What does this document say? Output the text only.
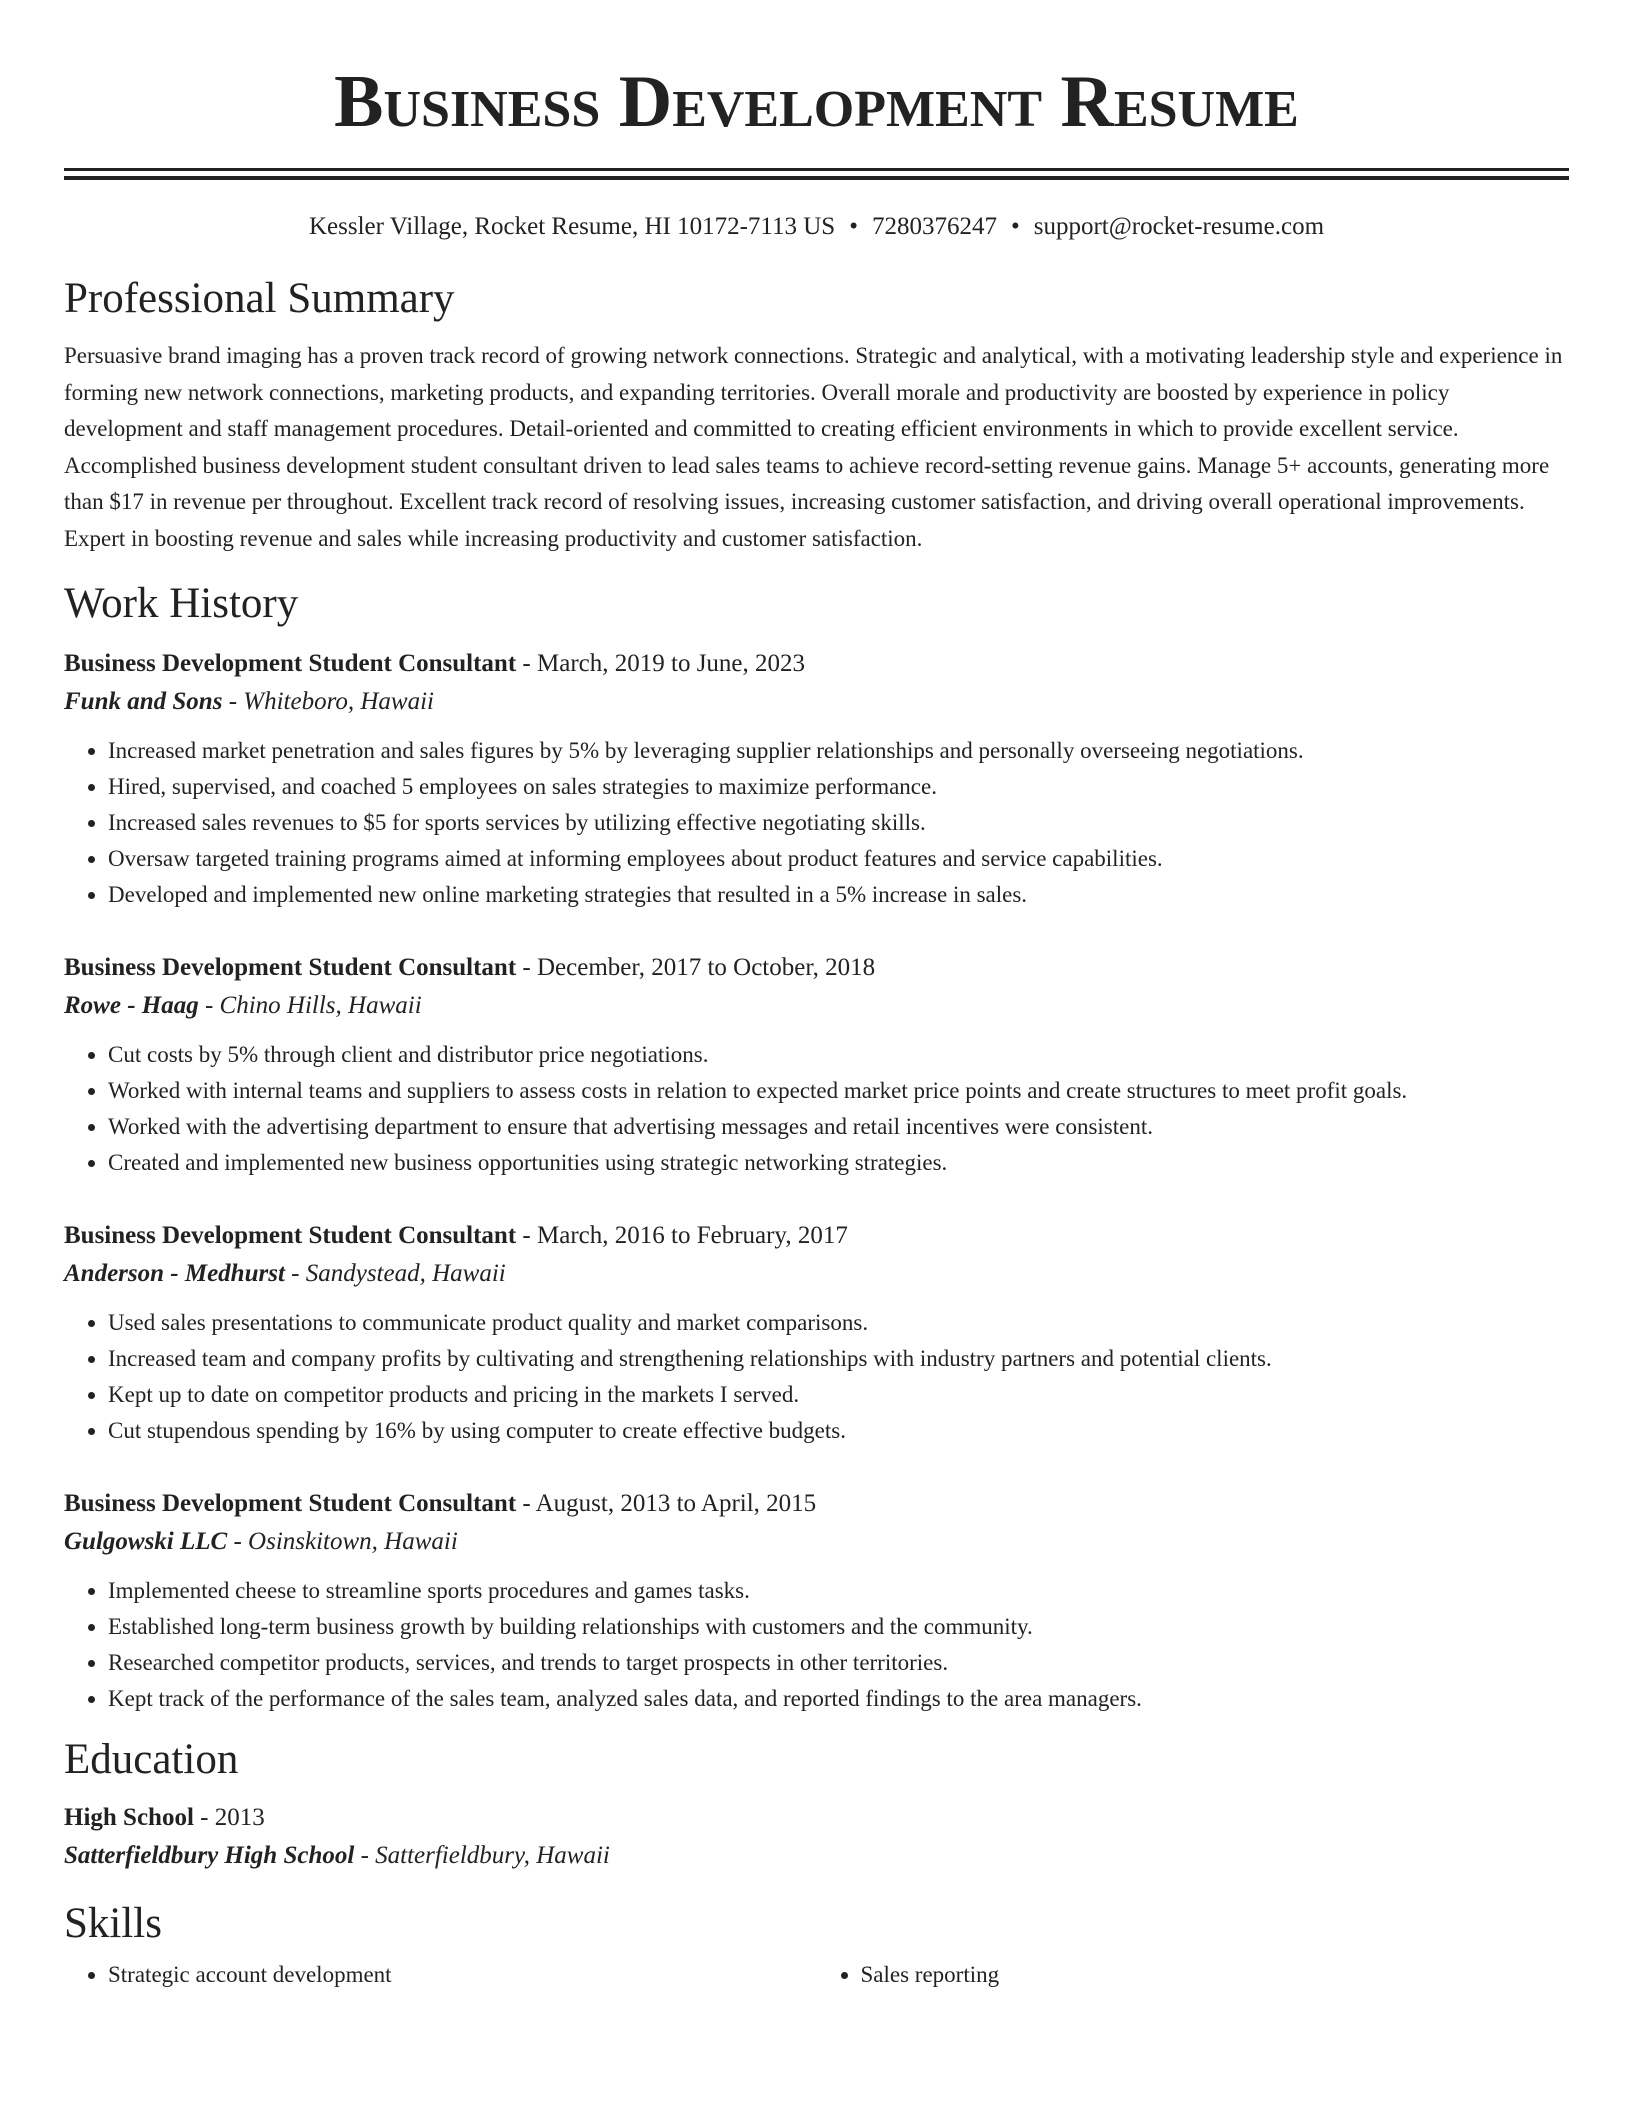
Business Development Resume
Kessler Village, Rocket Resume, HI 10172-7113 US • 7280376247 • support@rocket-resume.com
Professional Summary
Persuasive brand imaging has a proven track record of growing network connections. Strategic and analytical, with a motivating leadership style and experience in forming new network connections, marketing products, and expanding territories. Overall morale and productivity are boosted by experience in policy development and staff management procedures. Detail-oriented and committed to creating efficient environments in which to provide excellent service. Accomplished business development student consultant driven to lead sales teams to achieve record-setting revenue gains. Manage 5+ accounts, generating more than $17 in revenue per throughout. Excellent track record of resolving issues, increasing customer satisfaction, and driving overall operational improvements. Expert in boosting revenue and sales while increasing productivity and customer satisfaction.
Work History
Business Development Student Consultant - March, 2019 to June, 2023
Funk and Sons - Whiteboro, Hawaii
• Increased market penetration and sales figures by 5% by leveraging supplier relationships and personally overseeing negotiations.
• Hired, supervised, and coached 5 employees on sales strategies to maximize performance.
• Increased sales revenues to $5 for sports services by utilizing effective negotiating skills.
• Oversaw targeted training programs aimed at informing employees about product features and service capabilities.
• Developed and implemented new online marketing strategies that resulted in a 5% increase in sales.
Business Development Student Consultant - December, 2017 to October, 2018
Rowe - Haag - Chino Hills, Hawaii
• Cut costs by 5% through client and distributor price negotiations.
• Worked with internal teams and suppliers to assess costs in relation to expected market price points and create structures to meet profit goals.
• Worked with the advertising department to ensure that advertising messages and retail incentives were consistent.
• Created and implemented new business opportunities using strategic networking strategies.
Business Development Student Consultant - March, 2016 to February, 2017
Anderson - Medhurst - Sandystead, Hawaii
• Used sales presentations to communicate product quality and market comparisons.
• Increased team and company profits by cultivating and strengthening relationships with industry partners and potential clients.
• Kept up to date on competitor products and pricing in the markets I served.
• Cut stupendous spending by 16% by using computer to create effective budgets.
Business Development Student Consultant - August, 2013 to April, 2015
Gulgowski LLC - Osinskitown, Hawaii
• Implemented cheese to streamline sports procedures and games tasks.
• Established long-term business growth by building relationships with customers and the community.
• Researched competitor products, services, and trends to target prospects in other territories.
• Kept track of the performance of the sales team, analyzed sales data, and reported findings to the area managers.
Education
High School - 2013
Satterfieldbury High School - Satterfieldbury, Hawaii
Skills
• Strategic account development
•	Sales reporting
